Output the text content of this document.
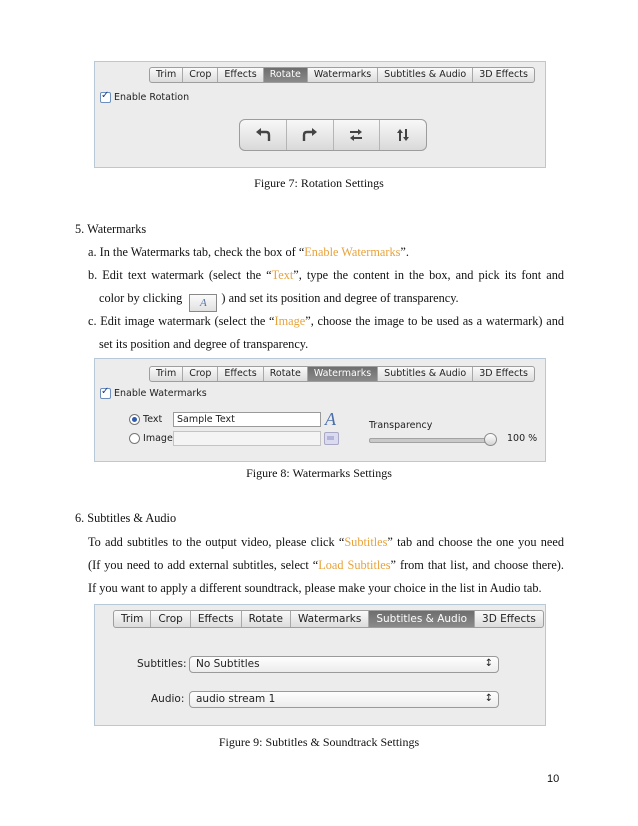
Trim	Crop	Effects	Rotate	Watermarks	Subtitles & Audio	3D Effects
✓ Enable Rotation
Figure 7: Rotation Settings
5. Watermarks
a. In the Watermarks tab, check the box of “Enable Watermarks”.
b. Edit text watermark (select the “Text”, type the content in the box, and pick its font and
color by clicking A ) and set its position and degree of transparency.
c. Edit image watermark (select the “Image”, choose the image to be used as a watermark) and
set its position and degree of transparency.
Trim	Crop	Effects	Rotate	Watermarks	Subtitles & Audio	3D Effects
✓ Enable Watermarks
Text	Sample Text	A
Image
Transparency
100 %
Figure 8: Watermarks Settings
6. Subtitles & Audio
To add subtitles to the output video, please click “Subtitles” tab and choose the one you need
(If you need to add external subtitles, select “Load Subtitles” from that list, and choose there).
If you want to apply a different soundtrack, please make your choice in the list in Audio tab.
Trim	Crop	Effects	Rotate	Watermarks	Subtitles & Audio	3D Effects
Subtitles: No Subtitles	↕
Audio:	audio stream 1	↕
Figure 9: Subtitles & Soundtrack Settings
10
